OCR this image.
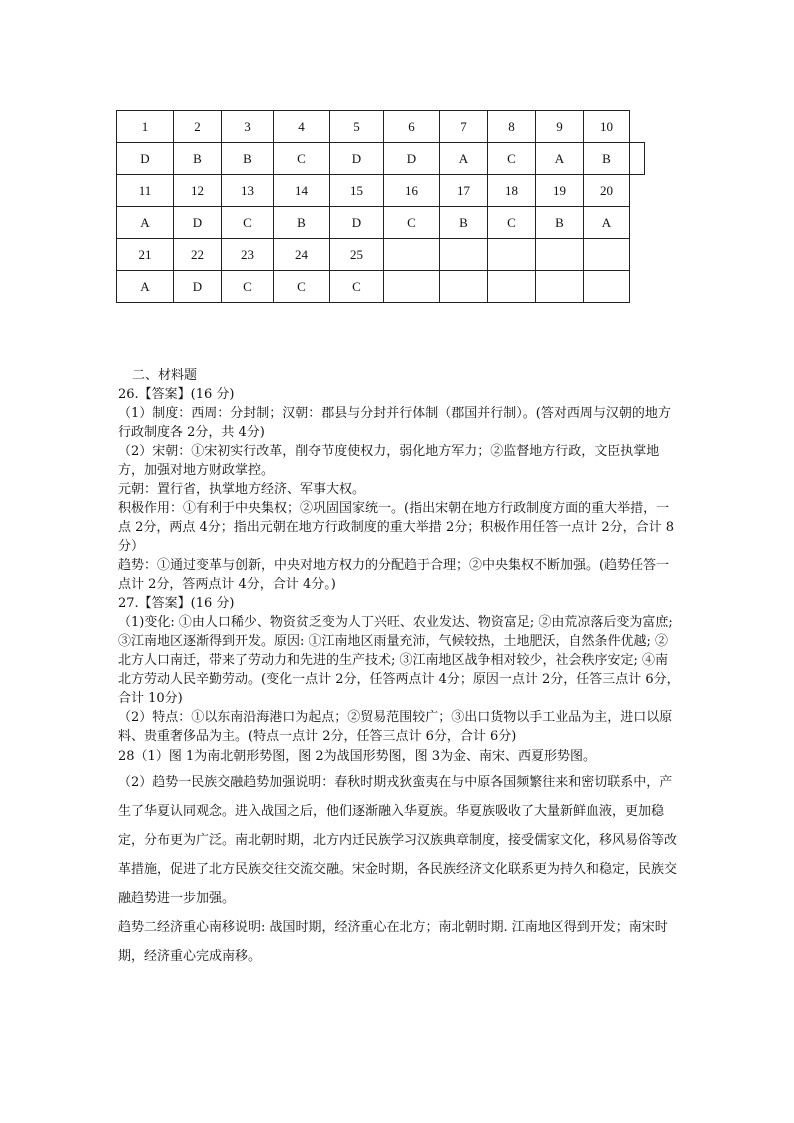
1	2	3	4	5	6	7	8	9	10	
D	B	B	C	D	D	A	C	A	B	
11	12	13	14	15	16	17	18	19	20	
A	D	C	B	D	C	B	C	B	A	
21	22	23	24	25						
A	D	C	C	C						

二、材料题

26.【答案】(16 分)

（1）制度：西周：分封制；汉朝：郡县与分封并行体制（郡国并行制）。(答对西周与汉朝的地方行政制度各 2分，共 4分)

（2）宋朝：①宋初实行改革，削夺节度使权力，弱化地方军力；②监督地方行政，文臣执掌地方，加强对地方财政掌控。

元朝：置行省，执掌地方经济、军事大权。

积极作用：①有利于中央集权；②巩固国家统一。(指出宋朝在地方行政制度方面的重大举措，一点 2分，两点 4分；指出元朝在地方行政制度的重大举措 2分；积极作用任答一点计 2分，合计 8分）

趋势：①通过变革与创新，中央对地方权力的分配趋于合理；②中央集权不断加强。(趋势任答一点计 2分，答两点计 4分，合计 4分。)

27.【答案】(16 分)

（1)变化: ①由人口稀少、物资贫乏变为人丁兴旺、农业发达、物资富足; ②由荒凉落后变为富庶; ③江南地区逐渐得到开发。原因: ①江南地区雨量充沛，气候较热，土地肥沃，自然条件优越; ②北方人口南迁，带来了劳动力和先进的生产技术; ③江南地区战争相对较少，社会秩序安定; ④南北方劳动人民辛勤劳动。(变化一点计 2分，任答两点计 4分；原因一点计 2分，任答三点计 6分，合计 10分)

（2）特点：①以东南沿海港口为起点；②贸易范围较广；③出口货物以手工业品为主，进口以原料、贵重奢侈品为主。(特点一点计 2分，任答三点计 6分，合计 6分)

28（1）图 1为南北朝形势图，图 2为战国形势图，图 3为金、南宋、西夏形势图。

（2）趋势一民族交融趋势加强说明：春秋时期戎狄蛮夷在与中原各国频繁往来和密切联系中，产生了华夏认同观念。进入战国之后，他们逐渐融入华夏族。华夏族吸收了大量新鲜血液，更加稳定，分布更为广泛。南北朝时期，北方内迁民族学习汉族典章制度，接受儒家文化，移风易俗等改革措施，促进了北方民族交往交流交融。宋金时期，各民族经济文化联系更为持久和稳定，民族交融趋势进一步加强。

趋势二经济重心南移说明: 战国时期，经济重心在北方；南北朝时期. 江南地区得到开发；南宋时期，经济重心完成南移。
